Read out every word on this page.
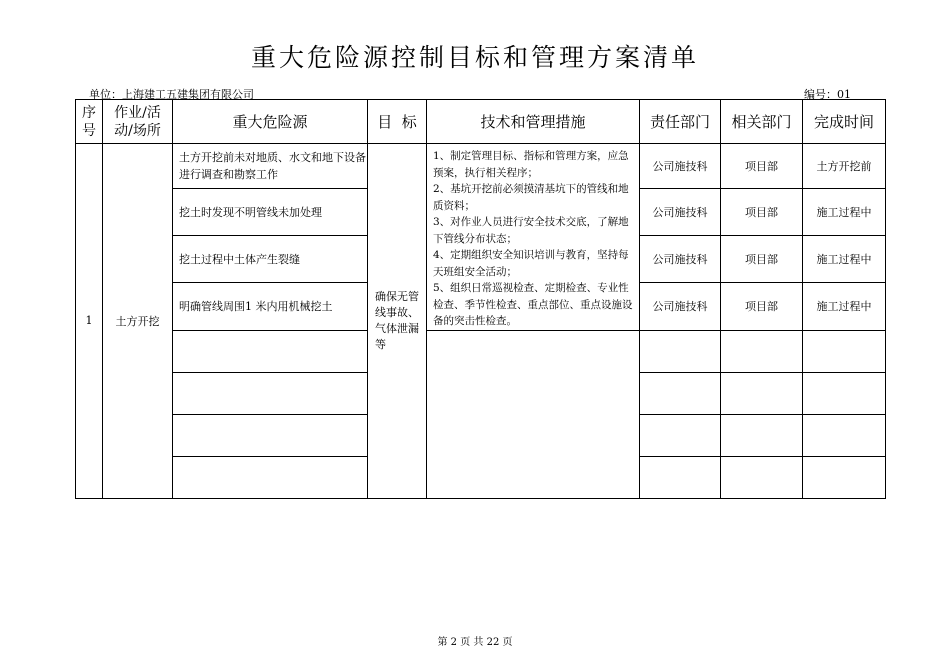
重大危险源控制目标和管理方案清单
单位：上海建工五建集团有限公司	编号：01
序号	作业/活动/场所	重大危险源	目  标	技术和管理措施	责任部门	相关部门	完成时间
1	土方开挖	土方开挖前未对地质、水文和地下设备进行调查和勘察工作	确保无管线事故、气体泄漏等	1、制定管理目标、指标和管理方案，应急预案，执行相关程序；
2、基坑开挖前必须摸清基坑下的管线和地质资料；
3、对作业人员进行安全技术交底，了解地下管线分布状态；
4、定期组织安全知识培训与教育，坚持每天班组安全活动；
5、组织日常巡视检查、定期检查、专业性检查、季节性检查、重点部位、重点设施设备的突击性检查。	公司施技科	项目部	土方开挖前
		挖土时发现不明管线未加处理			公司施技科	项目部	施工过程中
		挖土过程中土体产生裂缝			公司施技科	项目部	施工过程中
		明确管线周围1 米内用机械挖土			公司施技科	项目部	施工过程中

第 2 页 共 22 页
